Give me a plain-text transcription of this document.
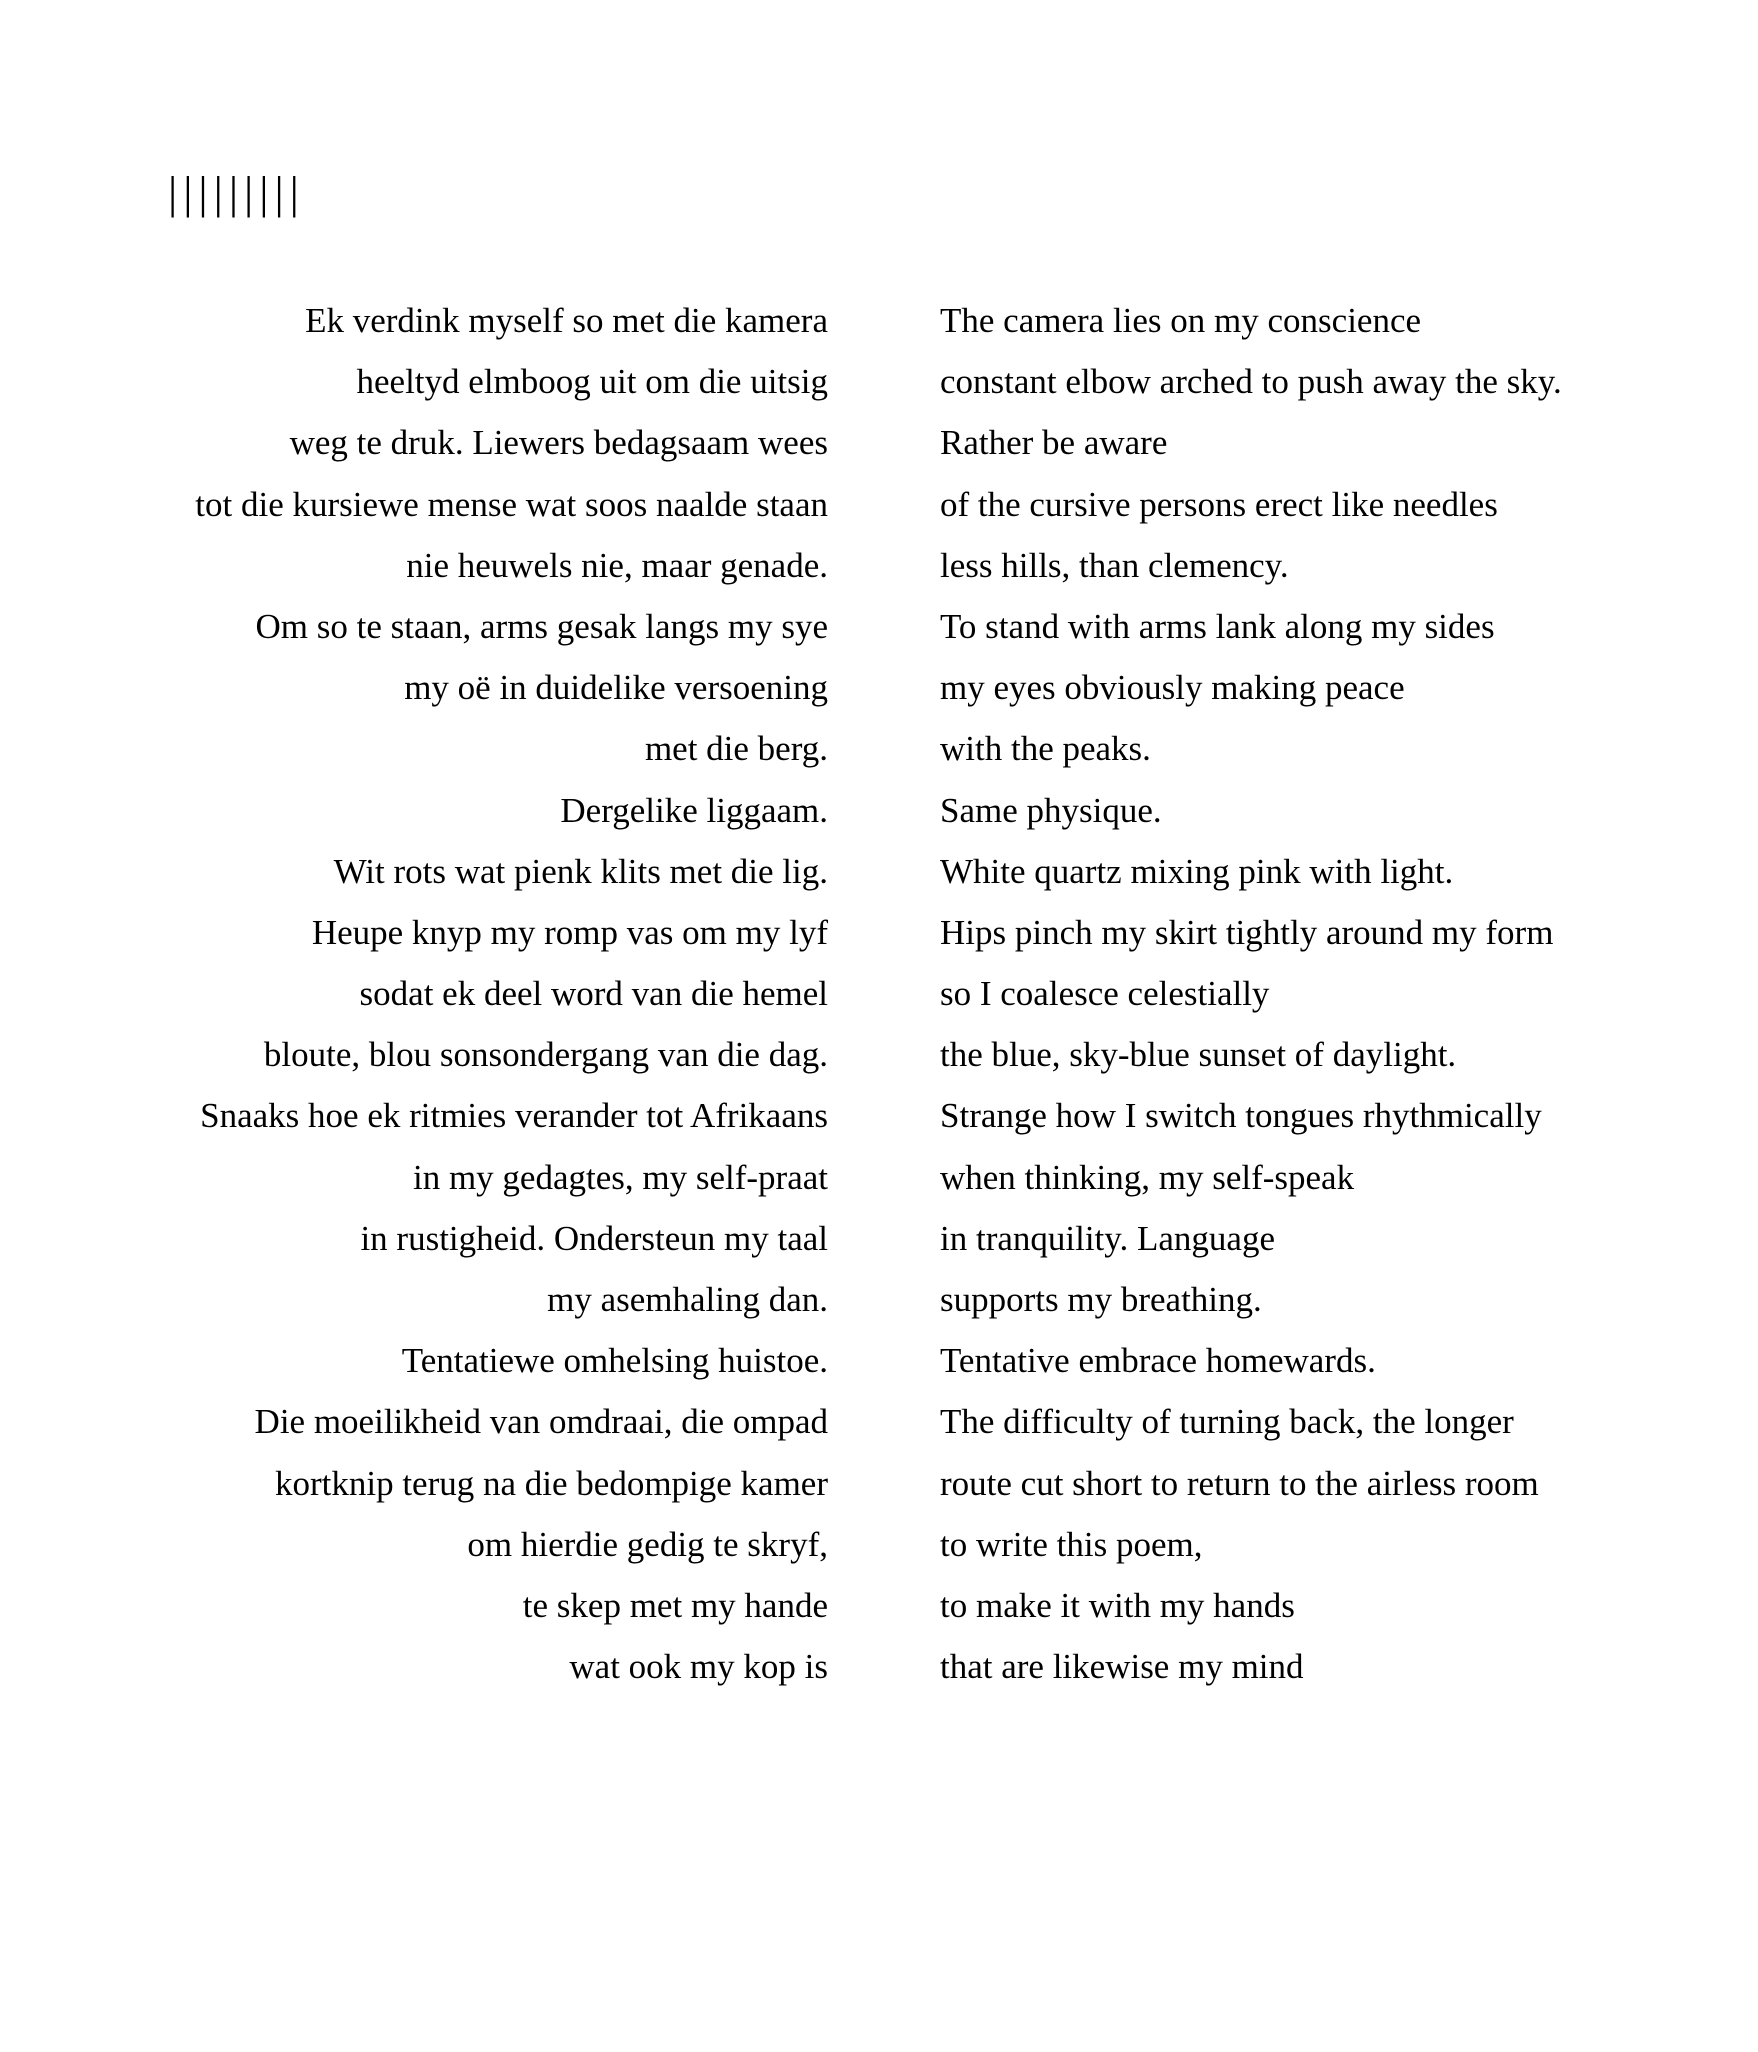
|||||||||
Ek verdink myself so met die kamera
heeltyd elmboog uit om die uitsig
weg te druk. Liewers bedagsaam wees
tot die kursiewe mense wat soos naalde staan
nie heuwels nie, maar genade.
Om so te staan, arms gesak langs my sye
my oë in duidelike versoening
met die berg.
Dergelike liggaam.
Wit rots wat pienk klits met die lig.
Heupe knyp my romp vas om my lyf
sodat ek deel word van die hemel
bloute, blou sonsondergang van die dag.
Snaaks hoe ek ritmies verander tot Afrikaans
in my gedagtes, my self-praat
in rustigheid. Ondersteun my taal
my asemhaling dan.
Tentatiewe omhelsing huistoe.
Die moeilikheid van omdraai, die ompad
kortknip terug na die bedompige kamer
om hierdie gedig te skryf,
te skep met my hande
wat ook my kop is
The camera lies on my conscience
constant elbow arched to push away the sky.
Rather be aware
of the cursive persons erect like needles
less hills, than clemency.
To stand with arms lank along my sides
my eyes obviously making peace
with the peaks.
Same physique.
White quartz mixing pink with light.
Hips pinch my skirt tightly around my form
so I coalesce celestially
the blue, sky-blue sunset of daylight.
Strange how I switch tongues rhythmically
when thinking, my self-speak
in tranquility. Language
supports my breathing.
Tentative embrace homewards.
The difficulty of turning back, the longer
route cut short to return to the airless room
to write this poem,
to make it with my hands
that are likewise my mind
